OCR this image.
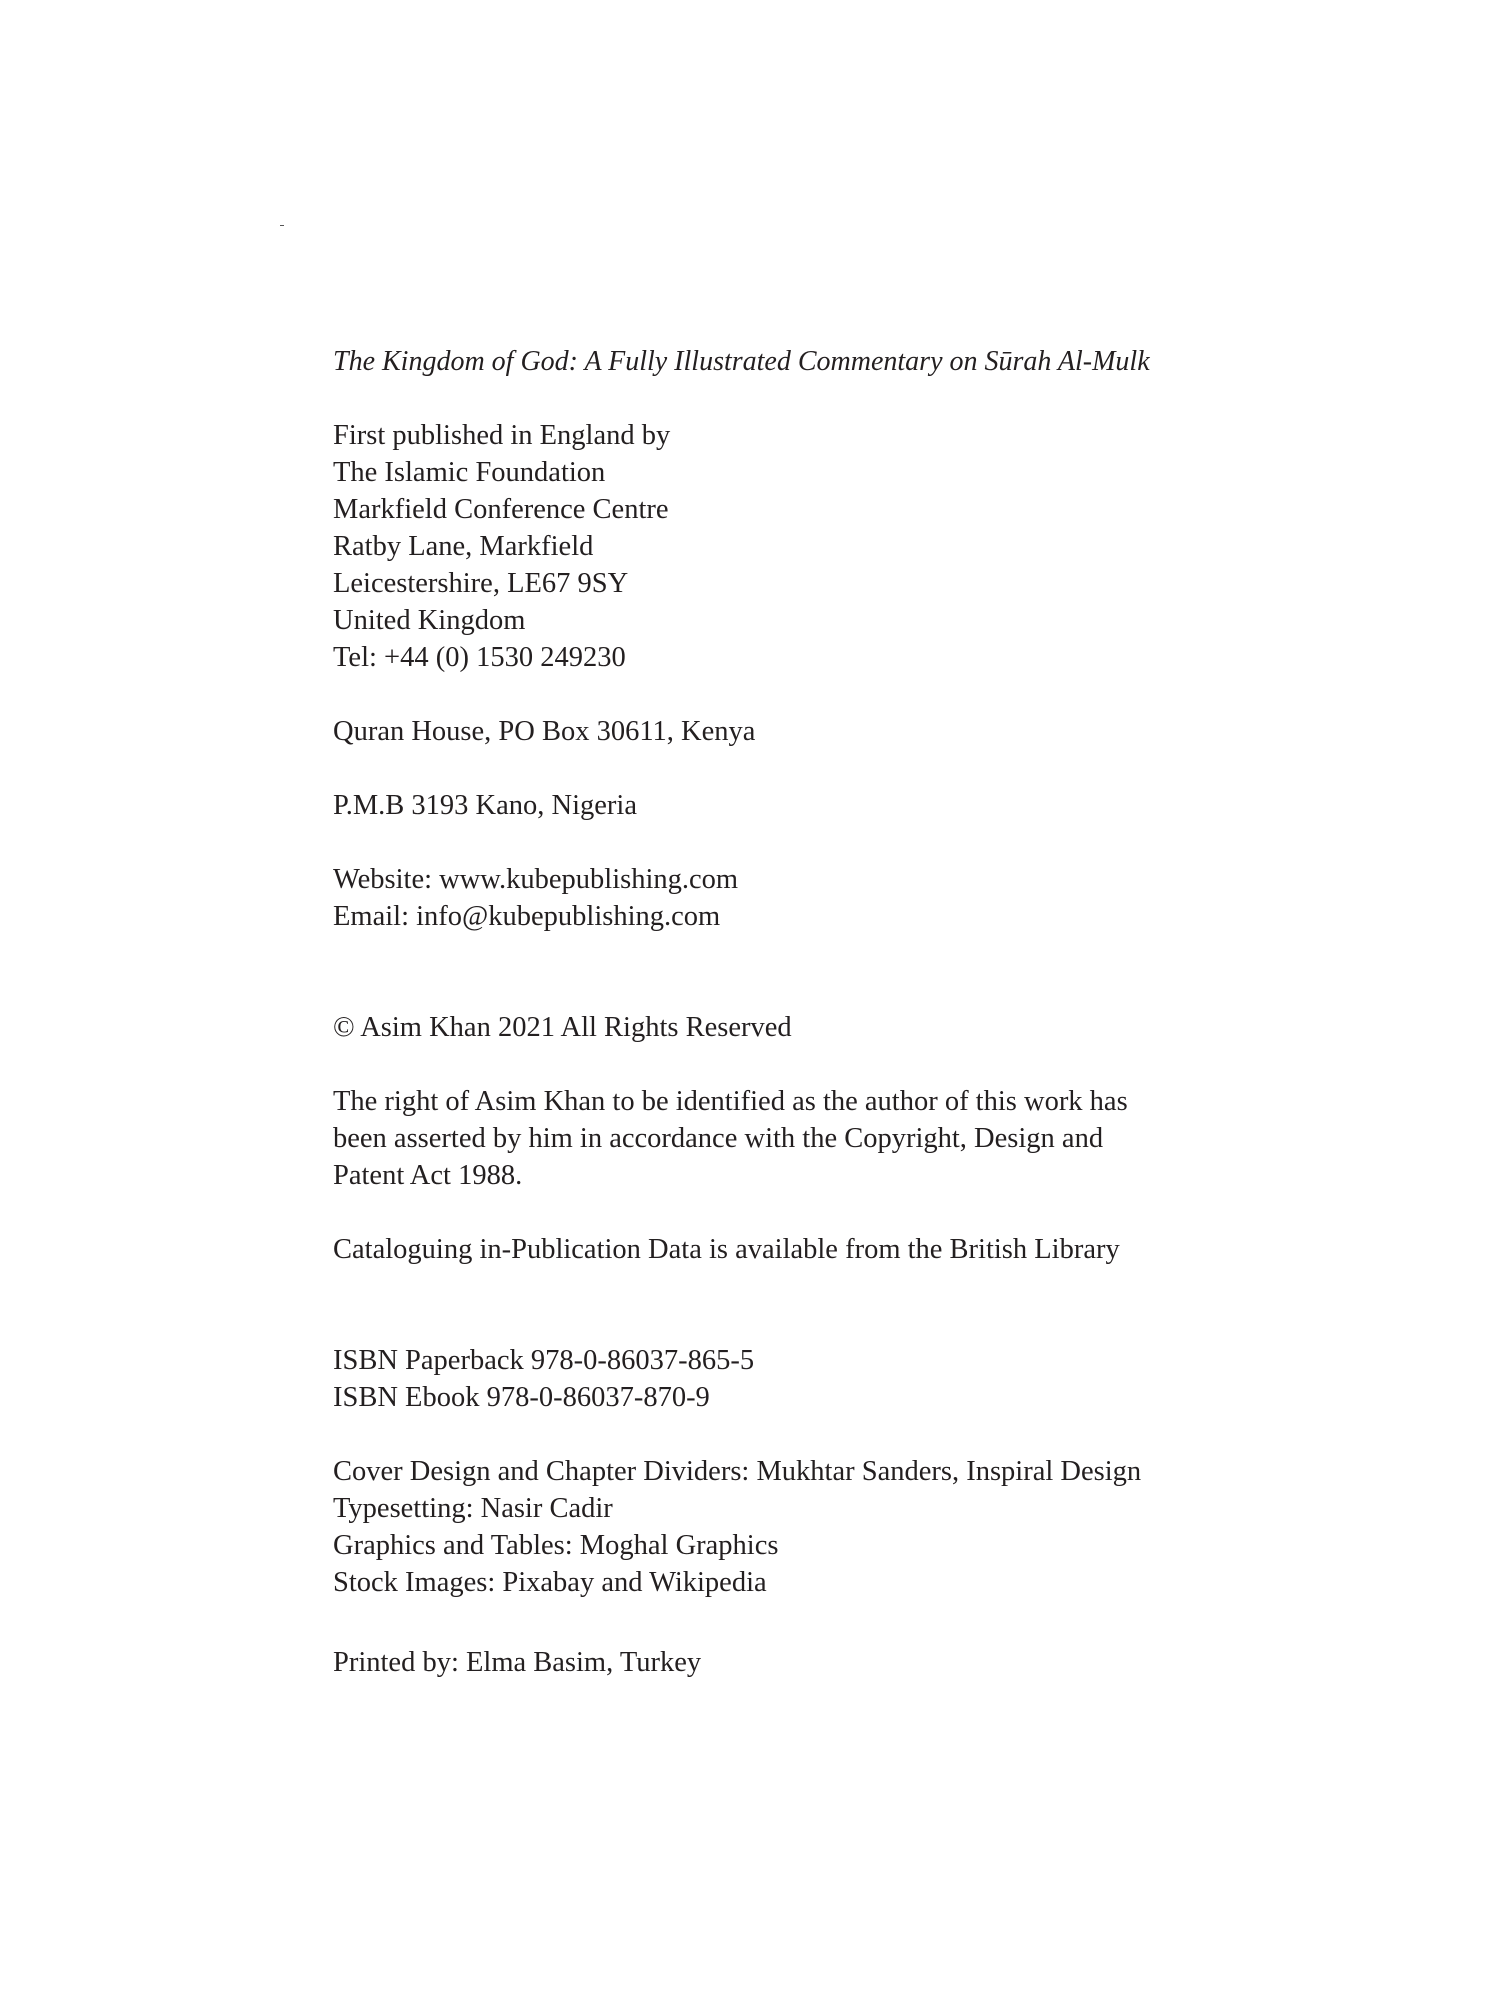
The Kingdom of God: A Fully Illustrated Commentary on Sūrah Al-Mulk
First published in England by
The Islamic Foundation
Markfield Conference Centre
Ratby Lane, Markfield
Leicestershire, LE67 9SY
United Kingdom
Tel: +44 (0) 1530 249230
Quran House, PO Box 30611, Kenya
P.M.B 3193 Kano, Nigeria
Website: www.kubepublishing.com
Email: info@kubepublishing.com
© Asim Khan 2021 All Rights Reserved
The right of Asim Khan to be identified as the author of this work has
been asserted by him in accordance with the Copyright, Design and
Patent Act 1988.
Cataloguing in-Publication Data is available from the British Library
ISBN Paperback 978-0-86037-865-5
ISBN Ebook 978-0-86037-870-9
Cover Design and Chapter Dividers: Mukhtar Sanders, Inspiral Design
Typesetting: Nasir Cadir
Graphics and Tables: Moghal Graphics
Stock Images: Pixabay and Wikipedia
Printed by: Elma Basim, Turkey
